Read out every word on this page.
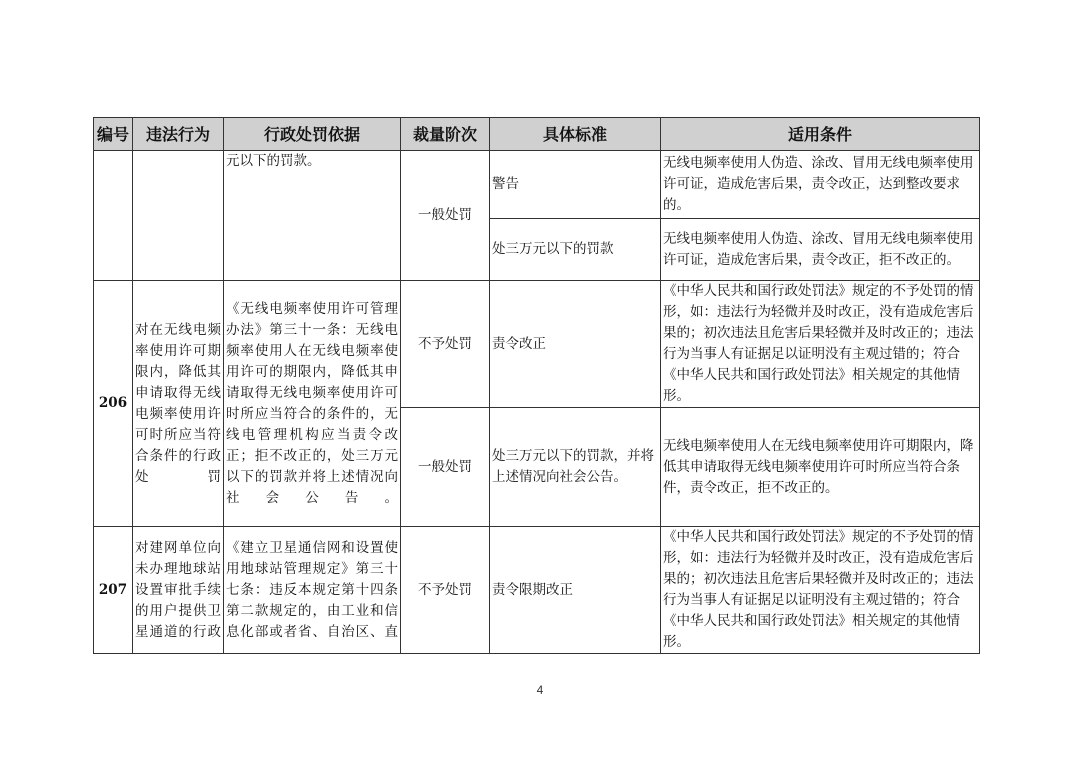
编号	违法行为	行政处罚依据	裁量阶次	具体标准	适用条件
		元以下的罚款。	一般处罚	警告	无线电频率使用人伪造、涂改、冒用无线电频率使用许可证，造成危害后果，责令改正，达到整改要求的。
				处三万元以下的罚款	无线电频率使用人伪造、涂改、冒用无线电频率使用许可证，造成危害后果，责令改正，拒不改正的。
206	对在无线电频率使用许可期限内，降低其申请取得无线电频率使用许可时所应当符合条件的行政处罚	《无线电频率使用许可管理办法》第三十一条：无线电频率使用人在无线电频率使用许可的期限内，降低其申请取得无线电频率使用许可时所应当符合的条件的，无线电管理机构应当责令改正；拒不改正的，处三万元以下的罚款并将上述情况向社会公告。	不予处罚	责令改正	《中华人民共和国行政处罚法》规定的不予处罚的情形，如：违法行为轻微并及时改正，没有造成危害后果的；初次违法且危害后果轻微并及时改正的；违法行为当事人有证据足以证明没有主观过错的；符合《中华人民共和国行政处罚法》相关规定的其他情形。
			一般处罚	处三万元以下的罚款，并将上述情况向社会公告。	无线电频率使用人在无线电频率使用许可期限内，降低其申请取得无线电频率使用许可时所应当符合条件，责令改正，拒不改正的。
207	对建网单位向未办理地球站设置审批手续的用户提供卫星通道的行政	《建立卫星通信网和设置使用地球站管理规定》第三十七条：违反本规定第十四条第二款规定的，由工业和信息化部或者省、自治区、直	不予处罚	责令限期改正	《中华人民共和国行政处罚法》规定的不予处罚的情形，如：违法行为轻微并及时改正，没有造成危害后果的；初次违法且危害后果轻微并及时改正的；违法行为当事人有证据足以证明没有主观过错的；符合《中华人民共和国行政处罚法》相关规定的其他情形。
4
